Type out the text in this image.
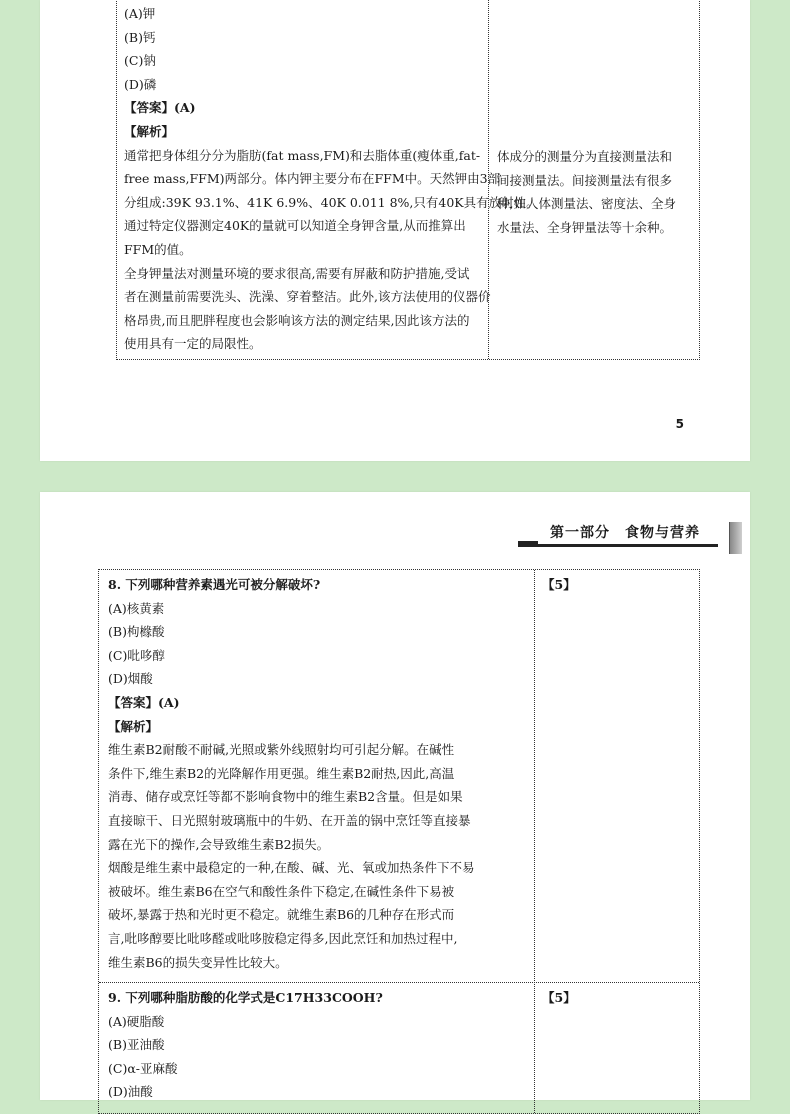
(A)钾
(B)钙
(C)钠
(D)磷
【答案】(A)
【解析】
通常把身体组分分为脂肪(fat mass,FM)和去脂体重(瘦体重,fat-
free mass,FFM)两部分。体内钾主要分布在FFM中。天然钾由3部
分组成:39K 93.1%、41K 6.9%、40K 0.011 8%,只有40K具有放射性。
通过特定仪器测定40K的量就可以知道全身钾含量,从而推算出
FFM的值。
全身钾量法对测量环境的要求很高,需要有屏蔽和防护措施,受试
者在测量前需要洗头、洗澡、穿着整洁。此外,该方法使用的仪器价
格昂贵,而且肥胖程度也会影响该方法的测定结果,因此该方法的
使用具有一定的局限性。
体成分的测量分为直接测量法和
间接测量法。间接测量法有很多
种,如人体测量法、密度法、全身
水量法、全身钾量法等十余种。
5
第一部分　食物与营养
8. 下列哪种营养素遇光可被分解破坏?
(A)核黄素
(B)枸橼酸
(C)吡哆醇
(D)烟酸
【答案】(A)
【解析】
维生素B2耐酸不耐碱,光照或紫外线照射均可引起分解。在碱性
条件下,维生素B2的光降解作用更强。维生素B2耐热,因此,高温
消毒、储存或烹饪等都不影响食物中的维生素B2含量。但是如果
直接晾干、日光照射玻璃瓶中的牛奶、在开盖的锅中烹饪等直接暴
露在光下的操作,会导致维生素B2损失。
烟酸是维生素中最稳定的一种,在酸、碱、光、氧或加热条件下不易
被破坏。维生素B6在空气和酸性条件下稳定,在碱性条件下易被
破坏,暴露于热和光时更不稳定。就维生素B6的几种存在形式而
言,吡哆醇要比吡哆醛或吡哆胺稳定得多,因此烹饪和加热过程中,
维生素B6的损失变异性比较大。
【5】
9. 下列哪种脂肪酸的化学式是C17H33COOH?
(A)硬脂酸
(B)亚油酸
(C)α-亚麻酸
(D)油酸
【5】
